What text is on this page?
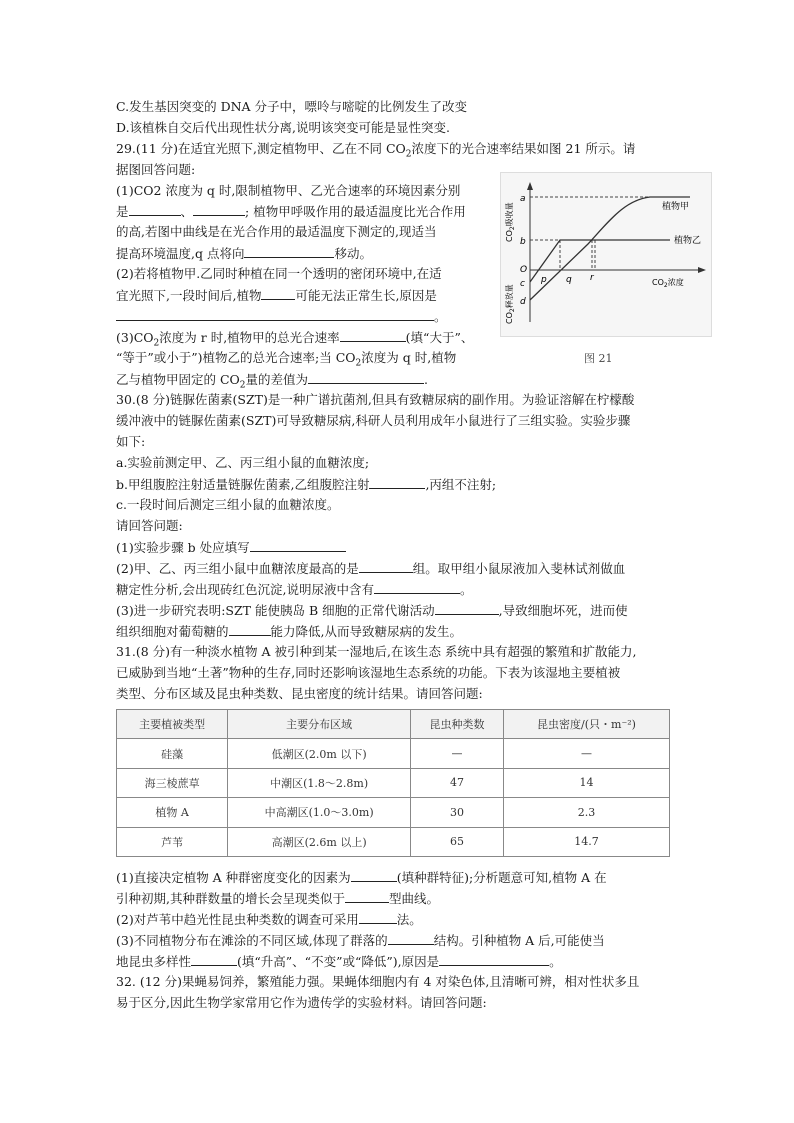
C.发生基因突变的 DNA 分子中，嘌呤与嘧啶的比例发生了改变
D.该植株自交后代出现性状分离,说明该突变可能是显性突变.
29.(11 分)在适宜光照下,测定植物甲、乙在不同 $CO_2$浓度下的光合速率结果如图 21 所示。请
据图回答问题:
(1)CO2 浓度为 q 时,限制植物甲、乙光合速率的环境因素分别
是	、	; 植物甲呼吸作用的最适温度比光合作用
的高,若图中曲线是在光合作用的最适温度下测定的,现适当
提高环境温度,q 点将向	移动。
(2)若将植物甲.乙同时种植在同一个透明的密闭环境中,在适
宜光照下,一段时间后,植物	可能无法正常生长,原因是
。
$(3)CO_2$浓度为 r 时,植物甲的总光合速率	(填“大于”、
“等于”或小于”)植物乙的总光合速率;当 $CO_2$浓度为 q 时,植物
乙与植物甲固定的 $CO_2$量的差值为	.
a
b
c
d
O
p q r
植物甲
植物乙
$CO_2$浓度
$CO_2$吸收量
$CO_2$释放量
图 21
30.(8 分)链脲佐菌素(SZT)是一种广谱抗菌剂,但具有致糖尿病的副作用。为验证溶解在柠檬酸
缓冲液中的链脲佐菌素(SZT)可导致糖尿病,科研人员利用成年小鼠进行了三组实验。实验步骤
如下:
a.实验前测定甲、乙、丙三组小鼠的血糖浓度;
b.甲组腹腔注射适量链脲佐菌素,乙组腹腔注射	,丙组不注射;
c.一段时间后测定三组小鼠的血糖浓度。
请回答问题:
(1)实验步骤 b 处应填写
(2)甲、乙、丙三组小鼠中血糖浓度最高的是	组。取甲组小鼠尿液加入斐林试剂做血
糖定性分析,会出现砖红色沉淀,说明尿液中含有	。
(3)进一步研究表明:SZT 能使胰岛 B 细胞的正常代谢活动	,导致细胞坏死，进而使
组织细胞对葡萄糖的	能力降低,从而导致糖尿病的发生。
31.(8 分)有一种淡水植物 A 被引种到某一湿地后,在该生态 系统中具有超强的繁殖和扩散能力,
已威胁到当地“土著”物种的生存,同时还影响该湿地生态系统的功能。下表为该湿地主要植被
类型、分布区域及昆虫种类数、昆虫密度的统计结果。请回答问题:
主要植被类型	主要分布区域	昆虫种类数	昆虫密度/(只・m⁻²)
硅藻	低潮区(2.0m 以下)	—	—
海三棱蔗草	中潮区(1.8～2.8m)	47	14
植物 A	中高潮区(1.0～3.0m)	30	2.3
芦苇	高潮区(2.6m 以上)	65	14.7
(1)直接决定植物 A 种群密度变化的因素为	(填种群特征);分析题意可知,植物 A 在
引种初期,其种群数量的增长会呈现类似于	型曲线。
(2)对芦苇中趋光性昆虫种类数的调查可采用	法。
(3)不同植物分布在滩涂的不同区域,体现了群落的	结构。引种植物 A 后,可能使当
地昆虫多样性	(填“升高”、“不变”或“降低”),原因是	。
32. (12 分)果蝇易饲养，繁殖能力强。果蝇体细胞内有 4 对染色体,且清晰可辨，相对性状多且
易于区分,因此生物学家常用它作为遗传学的实验材料。请回答问题:
